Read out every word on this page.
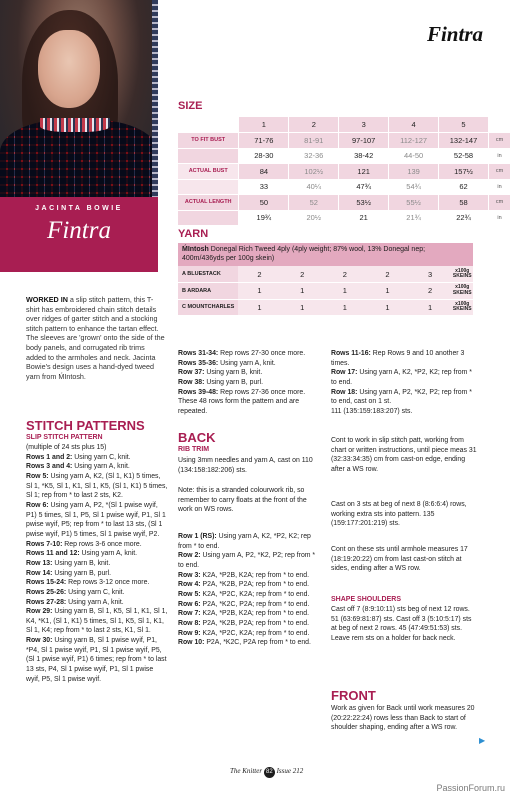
JACINTA BOWIE
Fintra
Fintra
SIZE
	1	2	3	4	5	
TO FIT BUST	71-76	81-91	97-107	112-127	132-147	cm
	28-30	32-36	38-42	44-50	52-58	in
ACTUAL BUST	84	102½	121	139	157½	cm
	33	40¼	47¾	54¾	62	in
ACTUAL LENGTH	50	52	53½	55½	58	cm
	19¾	20½	21	21¾	22¾	in
YARN
ḾIntosh Donegal Rich Tweed 4ply (4ply weight; 87% wool, 13% Donegal nep; 400m/436yds per 100g skein)
A BLUESTACK	2	2	2	2	3	x100g SKEINS
B ARDARA	1	1	1	1	2	x100g SKEINS
C MOUNTCHARLES	1	1	1	1	1	x100g SKEINS
WORKED IN a slip stitch pattern, this T-shirt has embroidered chain stitch details over ridges of garter stitch and a stocking stitch pattern to enhance the tartan effect. The sleeves are 'grown' onto the side of the body panels, and corrugated rib trims added to the armholes and neck. Jacinta Bowie's design uses a hand-dyed tweed yarn from ḾIntosh.
STITCH PATTERNS
SLIP STITCH PATTERN

(multiple of 24 sts plus 15)

Rows 1 and 2: Using yarn C, knit.

Rows 3 and 4: Using yarn A, knit.

Row 5: Using yarn A, K2, (Sl 1, K1) 5 times, Sl 1, *K5, Sl 1, K1, Sl 1, K5, (Sl 1, K1) 5 times, Sl 1; rep from * to last 2 sts, K2.

Row 6: Using yarn A, P2, *(Sl 1 pwise wyif, P1) 5 times, Sl 1, P5, Sl 1 pwise wyif, P1, Sl 1 pwise wyif, P5; rep from * to last 13 sts, (Sl 1 pwise wyif, P1) 5 times, Sl 1 pwise wyif, P2.

Rows 7-10: Rep rows 3-6 once more.

Rows 11 and 12: Using yarn A, knit.

Row 13: Using yarn B, knit.

Row 14: Using yarn B, purl.

Rows 15-24: Rep rows 3-12 once more.

Rows 25-26: Using yarn C, knit.

Rows 27-28: Using yarn A, knit.

Row 29: Using yarn B, Sl 1, K5, Sl 1, K1, Sl 1, K4, *K1, (Sl 1, K1) 5 times, Sl 1, K5, Sl 1, K1, Sl 1, K4; rep from * to last 2 sts, K1, Sl 1.

Row 30: Using yarn B, Sl 1 pwise wyif, P1, *P4, Sl 1 pwise wyif, P1, Sl 1 pwise wyif, P5, (Sl 1 pwise wyif, P1) 6 times; rep from * to last 13 sts, P4, Sl 1 pwise wyif, P1, Sl 1 pwise wyif, P5, Sl 1 pwise wyif.

Rows 31-34: Rep rows 27-30 once more.

Rows 35-36: Using yarn A, knit.

Row 37: Using yarn B, knit.

Row 38: Using yarn B, purl.

Rows 39-48: Rep rows 27-36 once more. These 48 rows form the pattern and are repeated.

BACK
RIB TRIM
Using 3mm needles and yarn A, cast on 110 (134:158:182:206) sts.
Note: this is a stranded colourwork rib, so remember to carry floats at the front of the work on WS rows.

Row 1 (RS): Using yarn A, K2, *P2, K2; rep from * to end.

Row 2: Using yarn A, P2, *K2, P2; rep from * to end.

Row 3: K2A, *P2B, K2A; rep from * to end.

Row 4: P2A, *K2B, P2A; rep from * to end.

Row 5: K2A, *P2C, K2A; rep from * to end.

Row 6: P2A, *K2C, P2A; rep from * to end.

Row 7: K2A, *P2B, K2A; rep from * to end.

Row 8: P2A, *K2B, P2A; rep from * to end.

Row 9: K2A, *P2C, K2A; rep from * to end.

Row 10: P2A, *K2C, P2A rep from * to end.

Rows 11-16: Rep Rows 9 and 10 another 3 times.

Row 17: Using yarn A, K2, *P2, K2; rep from * to end.

Row 18: Using yarn A, P2, *K2, P2; rep from * to end, cast on 1 st.

111 (135:159:183:207) sts.

Cont to work in slip stitch patt, working from chart or written instructions, until piece meas 31 (32:33:34:35) cm from cast-on edge, ending after a WS row.
Cast on 3 sts at beg of next 8 (8:6:6:4) rows, working extra sts into pattern. 135 (159:177:201:219) sts.
Cont on these sts until armhole measures 17 (18:19:20:22) cm from last cast-on stitch at sides, ending after a WS row.
SHAPE SHOULDERS
Cast off 7 (8:9:10:11) sts beg of next 12 rows. 51 (63:69:81:87) sts. Cast off 3 (5:10:5:17) sts at beg of next 2 rows. 45 (47:49:51:53) sts. Leave rem sts on a holder for back neck.
FRONT
Work as given for Back until work measures 20 (20:22:22:24) rows less than Back to start of shoulder shaping, ending after a WS row.
▶
The Knitter 82 Issue 212
PassionForum.ru
